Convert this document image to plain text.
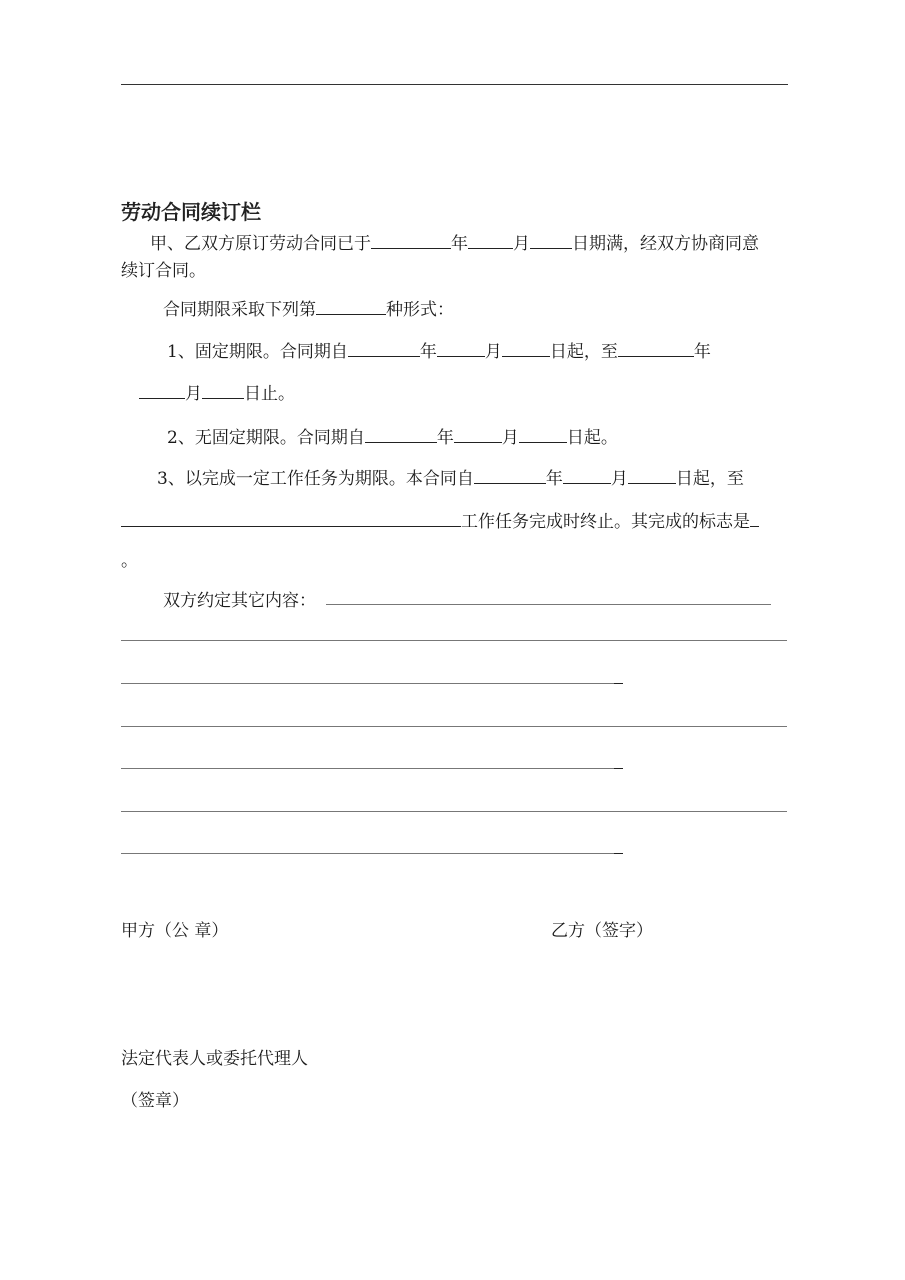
劳动合同续订栏
甲、乙双方原订劳动合同已于	年	月 日期满，经双方协商同意
续订合同。
合同期限采取下列第	种形式：
1、固定期限。合同期自	年	月	日起，至	年
月 日止。
2、无固定期限。合同期自	年	月	日起。
3、以完成一定工作任务为期限。本合同自	年	月	日起，至
工作任务完成时终止。其完成的标志是
。
双方约定其它内容：
甲方（公 章）	乙方（签字）
法定代表人或委托代理人
（签章）
